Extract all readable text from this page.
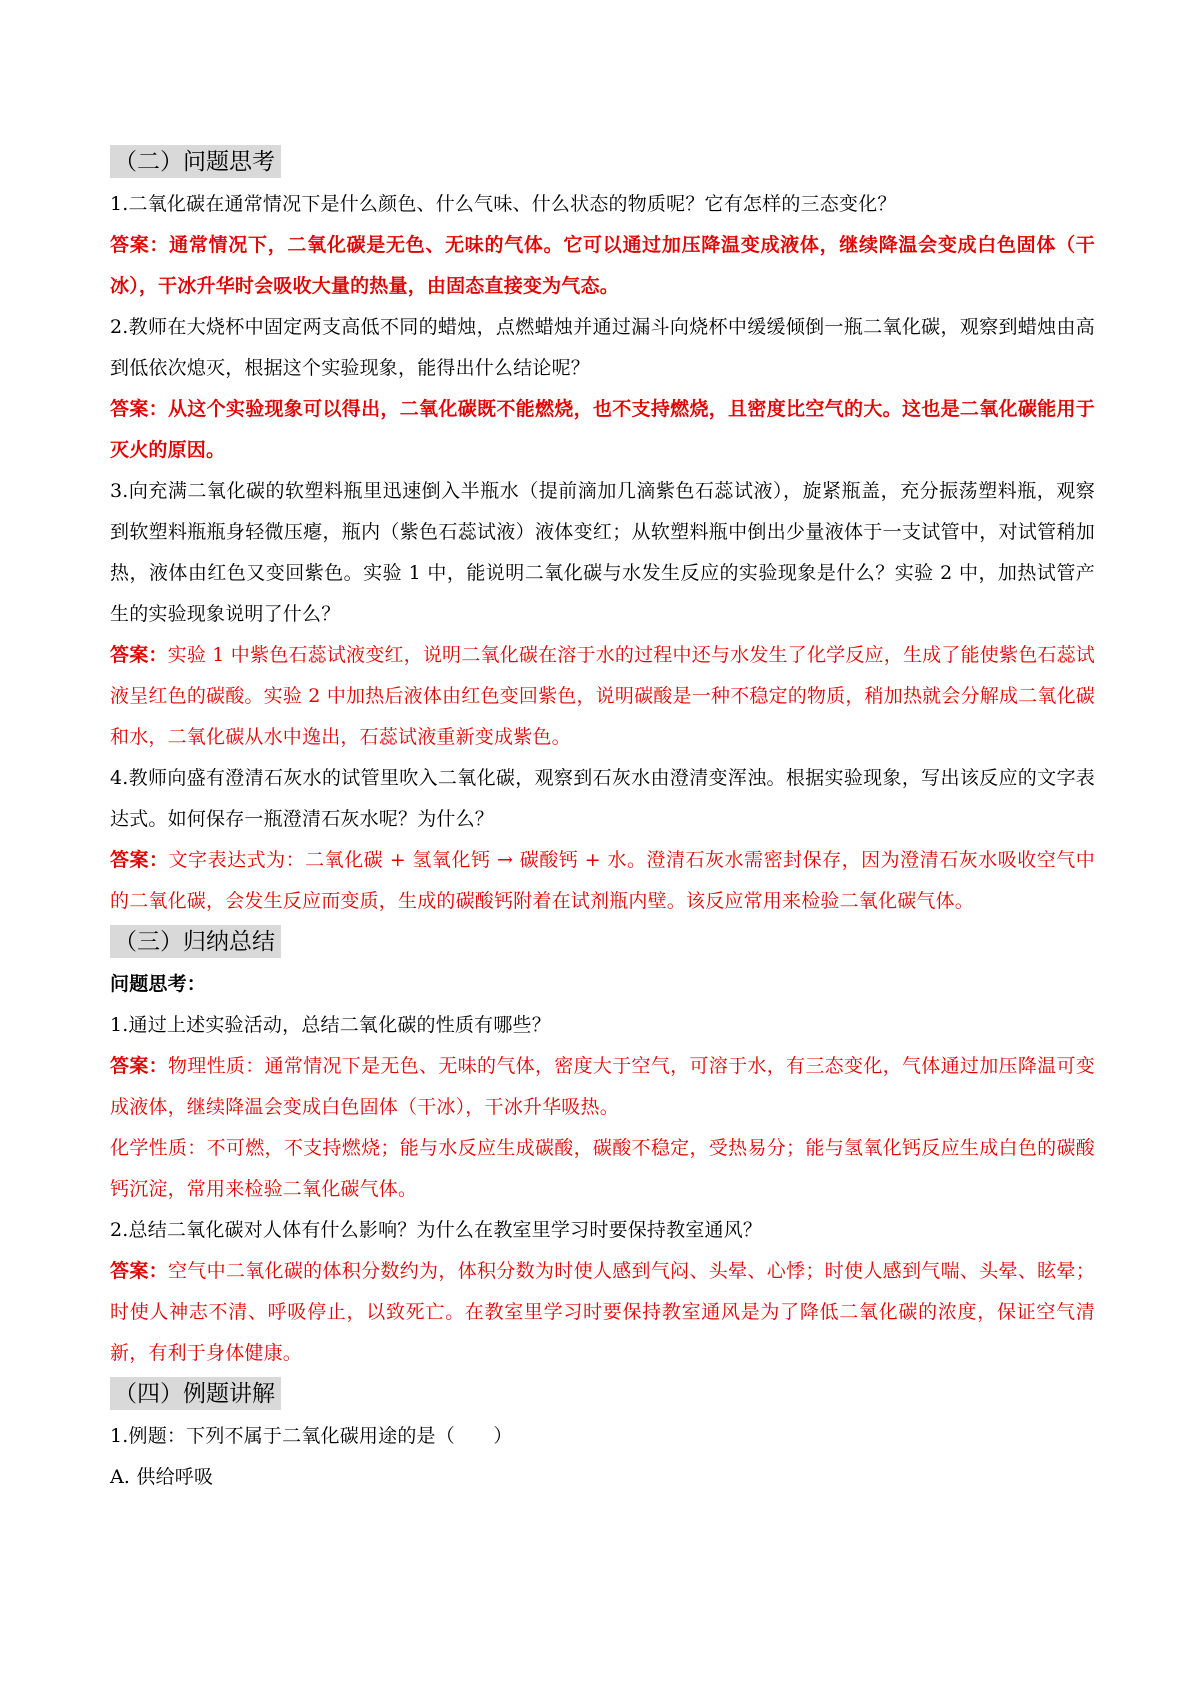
（二）问题思考

1.二氧化碳在通常情况下是什么颜色、什么气味、什么状态的物质呢？它有怎样的三态变化？

答案：通常情况下，二氧化碳是无色、无味的气体。它可以通过加压降温变成液体，继续降温会变成白色固体（干冰），干冰升华时会吸收大量的热量，由固态直接变为气态。

2.教师在大烧杯中固定两支高低不同的蜡烛，点燃蜡烛并通过漏斗向烧杯中缓缓倾倒一瓶二氧化碳，观察到蜡烛由高到低依次熄灭，根据这个实验现象，能得出什么结论呢？

答案：从这个实验现象可以得出，二氧化碳既不能燃烧，也不支持燃烧，且密度比空气的大。这也是二氧化碳能用于灭火的原因。

3.向充满二氧化碳的软塑料瓶里迅速倒入半瓶水（提前滴加几滴紫色石蕊试液），旋紧瓶盖，充分振荡塑料瓶，观察到软塑料瓶瓶身轻微压瘪，瓶内（紫色石蕊试液）液体变红；从软塑料瓶中倒出少量液体于一支试管中，对试管稍加热，液体由红色又变回紫色。实验 1 中，能说明二氧化碳与水发生反应的实验现象是什么？实验 2 中，加热试管产生的实验现象说明了什么？

答案：实验 1 中紫色石蕊试液变红，说明二氧化碳在溶于水的过程中还与水发生了化学反应，生成了能使紫色石蕊试液呈红色的碳酸。实验 2 中加热后液体由红色变回紫色，说明碳酸是一种不稳定的物质，稍加热就会分解成二氧化碳和水，二氧化碳从水中逸出，石蕊试液重新变成紫色。

4.教师向盛有澄清石灰水的试管里吹入二氧化碳，观察到石灰水由澄清变浑浊。根据实验现象，写出该反应的文字表达式。如何保存一瓶澄清石灰水呢？为什么？

答案：文字表达式为：二氧化碳 + 氢氧化钙 → 碳酸钙 + 水。澄清石灰水需密封保存，因为澄清石灰水吸收空气中的二氧化碳，会发生反应而变质，生成的碳酸钙附着在试剂瓶内壁。该反应常用来检验二氧化碳气体。

（三）归纳总结

问题思考：

1.通过上述实验活动，总结二氧化碳的性质有哪些？

答案：物理性质：通常情况下是无色、无味的气体，密度大于空气，可溶于水，有三态变化，气体通过加压降温可变成液体，继续降温会变成白色固体（干冰），干冰升华吸热。

化学性质：不可燃，不支持燃烧；能与水反应生成碳酸，碳酸不稳定，受热易分；能与氢氧化钙反应生成白色的碳酸钙沉淀，常用来检验二氧化碳气体。

2.总结二氧化碳对人体有什么影响？为什么在教室里学习时要保持教室通风？

答案：空气中二氧化碳的体积分数约为，体积分数为时使人感到气闷、头晕、心悸；时使人感到气喘、头晕、眩晕；时使人神志不清、呼吸停止，以致死亡。在教室里学习时要保持教室通风是为了降低二氧化碳的浓度，保证空气清新，有利于身体健康。

（四）例题讲解

1.例题：下列不属于二氧化碳用途的是（　　）

A. 供给呼吸
